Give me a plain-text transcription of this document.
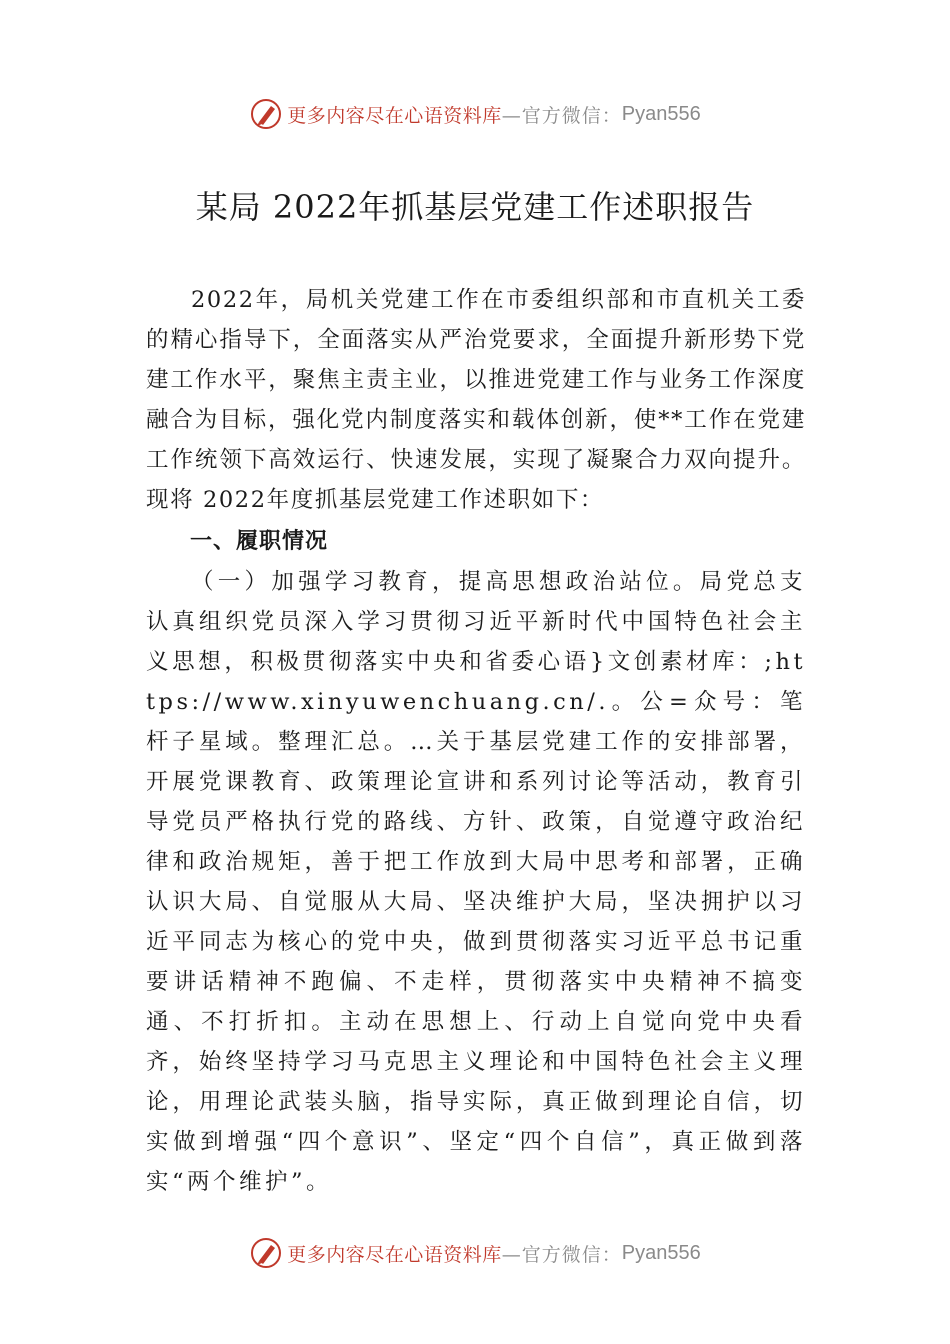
更多内容尽在心语资料库 —官方微信： Pyan556
某局 2022年抓基层党建工作述职报告

2022年，局机关党建工作在市委组织部和市直机关工委的精心指导下，全面落实从严治党要求，全面提升新形势下党建工作水平，聚焦主责主业，以推进党建工作与业务工作深度融合为目标，强化党内制度落实和载体创新，使**工作在党建工作统领下高效运行、快速发展，实现了凝聚合力双向提升。现将 2022年度抓基层党建工作述职如下：

一、履职情况

（一）加强学习教育，提高思想政治站位。局党总支认真组织党员深入学习贯彻习近平新时代中国特色社会主义思想，积极贯彻落实中央和省委心语}文创素材库：;https://www.xinyuwenchuang.cn/.。公=众号：笔杆子星域。整理汇总。…关于基层党建工作的安排部署，开展党课教育、政策理论宣讲和系列讨论等活动，教育引导党员严格执行党的路线、方针、政策，自觉遵守政治纪律和政治规矩，善于把工作放到大局中思考和部署，正确认识大局、自觉服从大局、坚决维护大局，坚决拥护以习近平同志为核心的党中央，做到贯彻落实习近平总书记重要讲话精神不跑偏、不走样，贯彻落实中央精神不搞变通、不打折扣。主动在思想上、行动上自觉向党中央看齐，始终坚持学习马克思主义理论和中国特色社会主义理论，用理论武装头脑，指导实际，真正做到理论自信，切实做到增强“四个意识”、坚定“四个自信”，真正做到落实“两个维护”。

更多内容尽在心语资料库 —官方微信： Pyan556
